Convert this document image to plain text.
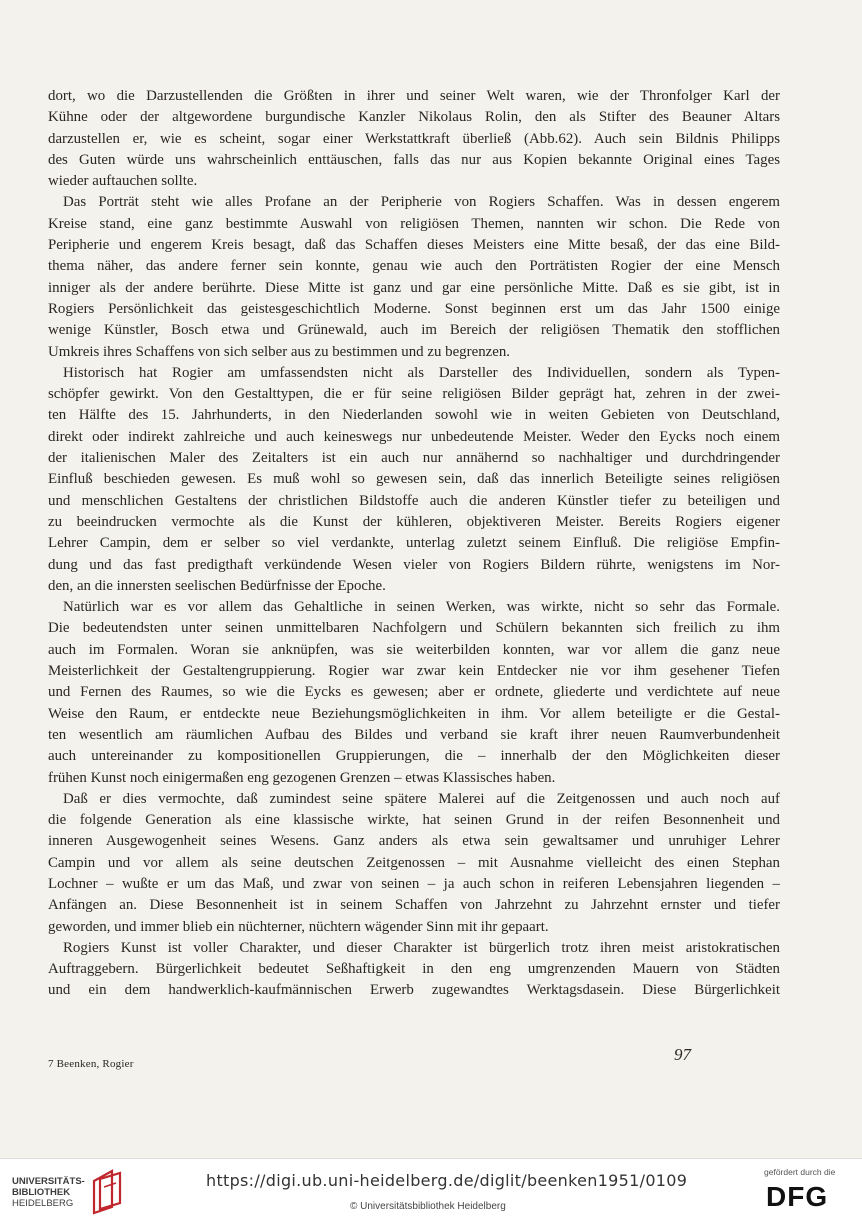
dort, wo die Darzustellenden die Größten in ihrer und seiner Welt waren, wie der Thronfolger Karl der
Kühne oder der altgewordene burgundische Kanzler Nikolaus Rolin, den als Stifter des Beauner Altars
darzustellen er, wie es scheint, sogar einer Werkstattkraft überließ (Abb.62). Auch sein Bildnis Philipps
des Guten würde uns wahrscheinlich enttäuschen, falls das nur aus Kopien bekannte Original eines Tages
wieder auftauchen sollte.

Das Porträt steht wie alles Profane an der Peripherie von Rogiers Schaffen. Was in dessen engerem
Kreise stand, eine ganz bestimmte Auswahl von religiösen Themen, nannten wir schon. Die Rede von
Peripherie und engerem Kreis besagt, daß das Schaffen dieses Meisters eine Mitte besaß, der das eine Bild-
thema näher, das andere ferner sein konnte, genau wie auch den Porträtisten Rogier der eine Mensch
inniger als der andere berührte. Diese Mitte ist ganz und gar eine persönliche Mitte. Daß es sie gibt, ist in
Rogiers Persönlichkeit das geistesgeschichtlich Moderne. Sonst beginnen erst um das Jahr 1500 einige
wenige Künstler, Bosch etwa und Grünewald, auch im Bereich der religiösen Thematik den stofflichen
Umkreis ihres Schaffens von sich selber aus zu bestimmen und zu begrenzen.

Historisch hat Rogier am umfassendsten nicht als Darsteller des Individuellen, sondern als Typen-
schöpfer gewirkt. Von den Gestalttypen, die er für seine religiösen Bilder geprägt hat, zehren in der zwei-
ten Hälfte des 15. Jahrhunderts, in den Niederlanden sowohl wie in weiten Gebieten von Deutschland,
direkt oder indirekt zahlreiche und auch keineswegs nur unbedeutende Meister. Weder den Eycks noch einem
der italienischen Maler des Zeitalters ist ein auch nur annähernd so nachhaltiger und durchdringender
Einfluß beschieden gewesen. Es muß wohl so gewesen sein, daß das innerlich Beteiligte seines religiösen
und menschlichen Gestaltens der christlichen Bildstoffe auch die anderen Künstler tiefer zu beteiligen und
zu beeindrucken vermochte als die Kunst der kühleren, objektiveren Meister. Bereits Rogiers eigener
Lehrer Campin, dem er selber so viel verdankte, unterlag zuletzt seinem Einfluß. Die religiöse Empfin-
dung und das fast predigthaft verkündende Wesen vieler von Rogiers Bildern rührte, wenigstens im Nor-
den, an die innersten seelischen Bedürfnisse der Epoche.

Natürlich war es vor allem das Gehaltliche in seinen Werken, was wirkte, nicht so sehr das Formale.
Die bedeutendsten unter seinen unmittelbaren Nachfolgern und Schülern bekannten sich freilich zu ihm
auch im Formalen. Woran sie anknüpfen, was sie weiterbilden konnten, war vor allem die ganz neue
Meisterlichkeit der Gestaltengruppierung. Rogier war zwar kein Entdecker nie vor ihm gesehener Tiefen
und Fernen des Raumes, so wie die Eycks es gewesen; aber er ordnete, gliederte und verdichtete auf neue
Weise den Raum, er entdeckte neue Beziehungsmöglichkeiten in ihm. Vor allem beteiligte er die Gestal-
ten wesentlich am räumlichen Aufbau des Bildes und verband sie kraft ihrer neuen Raumverbundenheit
auch untereinander zu kompositionellen Gruppierungen, die – innerhalb der den Möglichkeiten dieser
frühen Kunst noch einigermaßen eng gezogenen Grenzen – etwas Klassisches haben.

Daß er dies vermochte, daß zumindest seine spätere Malerei auf die Zeitgenossen und auch noch auf
die folgende Generation als eine klassische wirkte, hat seinen Grund in der reifen Besonnenheit und
inneren Ausgewogenheit seines Wesens. Ganz anders als etwa sein gewaltsamer und unruhiger Lehrer
Campin und vor allem als seine deutschen Zeitgenossen – mit Ausnahme vielleicht des einen Stephan
Lochner – wußte er um das Maß, und zwar von seinen – ja auch schon in reiferen Lebensjahren liegenden –
Anfängen an. Diese Besonnenheit ist in seinem Schaffen von Jahrzehnt zu Jahrzehnt ernster und tiefer
geworden, und immer blieb ein nüchterner, nüchtern wägender Sinn mit ihr gepaart.

Rogiers Kunst ist voller Charakter, und dieser Charakter ist bürgerlich trotz ihren meist aristokratischen
Auftraggebern. Bürgerlichkeit bedeutet Seßhaftigkeit in den eng umgrenzenden Mauern von Städten
und ein dem handwerklich-kaufmännischen Erwerb zugewandtes Werktagsdasein. Diese Bürgerlichkeit

7 Beenken, Rogier	97
UNIVERSITÄTS-
BIBLIOTHEK
HEIDELBERG
https://digi.ub.uni-heidelberg.de/diglit/beenken1951/0109
© Universitätsbibliothek Heidelberg
gefördert durch die
DFG
